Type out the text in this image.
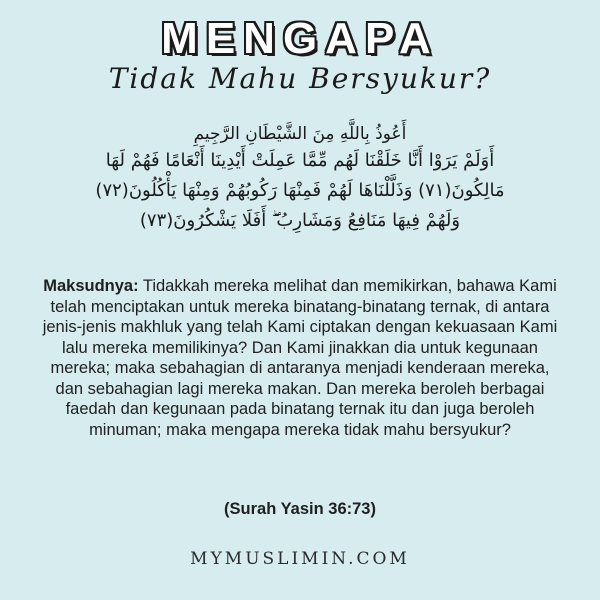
MENGAPA
Tidak Mahu Bersyukur?
أَعُوذُ بِاللَّهِ مِنَ الشَّيْطَانِ الرَّجِيمِ
أَوَلَمْ يَرَوْا أَنَّا خَلَقْنَا لَهُم مِّمَّا عَمِلَتْ أَيْدِينَا أَنْعَامًا فَهُمْ لَهَا
مَالِكُونَ(٧١) وَذَلَّلْنَاهَا لَهُمْ فَمِنْهَا رَكُوبُهُمْ وَمِنْهَا يَأْكُلُونَ(٧٢)
وَلَهُمْ فِيهَا مَنَافِعُ وَمَشَارِبُ ۖ أَفَلَا يَشْكُرُونَ(٧٣)
Maksudnya: Tidakkah mereka melihat dan memikirkan, bahawa Kami telah menciptakan untuk mereka binatang-binatang ternak, di antara jenis-jenis makhluk yang telah Kami ciptakan dengan kekuasaan Kami lalu mereka memilikinya? Dan Kami jinakkan dia untuk kegunaan mereka; maka sebahagian di antaranya menjadi kenderaan mereka, dan sebahagian lagi mereka makan. Dan mereka beroleh berbagai faedah dan kegunaan pada binatang ternak itu dan juga beroleh minuman; maka mengapa mereka tidak mahu bersyukur?
(Surah Yasin 36:73)
MYMUSLIMIN.COM
